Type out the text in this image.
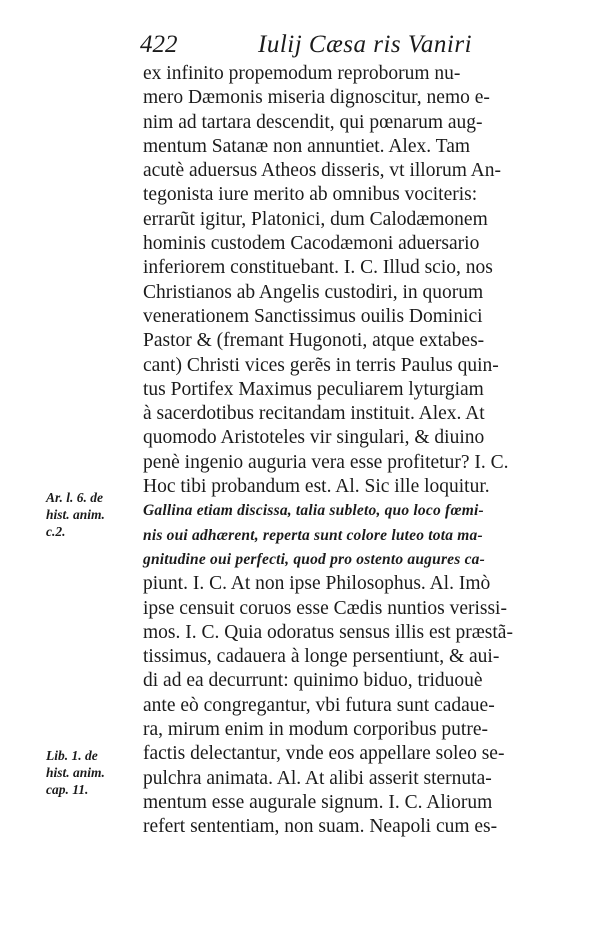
422	Iulij Cæsa ris Vaniri
Ar. l. 6. de
hist. anim.
c.2.
Lib. 1. de
hist. anim.
cap. 11.
ex infinito propemodum reproborum nu-
mero Dæmonis miseria dignoscitur, nemo e-
nim ad tartara descendit, qui pœnarum aug-
mentum Satanæ non annuntiet. Alex. Tam
acutè aduersus Atheos disseris, vt illorum An-
tegonista iure merito ab omnibus vociteris:
errarũt igitur, Platonici, dum Calodæmonem
hominis custodem Cacodæmoni aduersario
inferiorem constituebant. I. C. Illud scio, nos
Christianos ab Angelis custodiri, in quorum
venerationem Sanctissimus ouilis Dominici
Pastor & (fremant Hugonoti, atque extabes-
cant) Christi vices gerẽs in terris Paulus quin-
tus Portifex Maximus peculiarem lyturgiam
à sacerdotibus recitandam instituit. Alex. At
quomodo Aristoteles vir singulari, & diuino
penè ingenio auguria vera esse profitetur? I. C.
Hoc tibi probandum est. Al. Sic ille loquitur.
Gallina etiam discissa, talia subleto, quo loco fœmi-
nis oui adhærent, reperta sunt colore luteo tota ma-
gnitudine oui perfecti, quod pro ostento augures ca-
piunt. I. C. At non ipse Philosophus. Al. Imò
ipse censuit coruos esse Cædis nuntios verissi-
mos. I. C. Quia odoratus sensus illis est præstã-
tissimus, cadauera à longe persentiunt, & aui-
di ad ea decurrunt: quinimo biduo, triduouè
ante eò congregantur, vbi futura sunt cadaue-
ra, mirum enim in modum corporibus putre-
factis delectantur, vnde eos appellare soleo se-
pulchra animata. Al. At alibi asserit sternuta-
mentum esse augurale signum. I. C. Aliorum
refert sententiam, non suam. Neapoli cum es-
